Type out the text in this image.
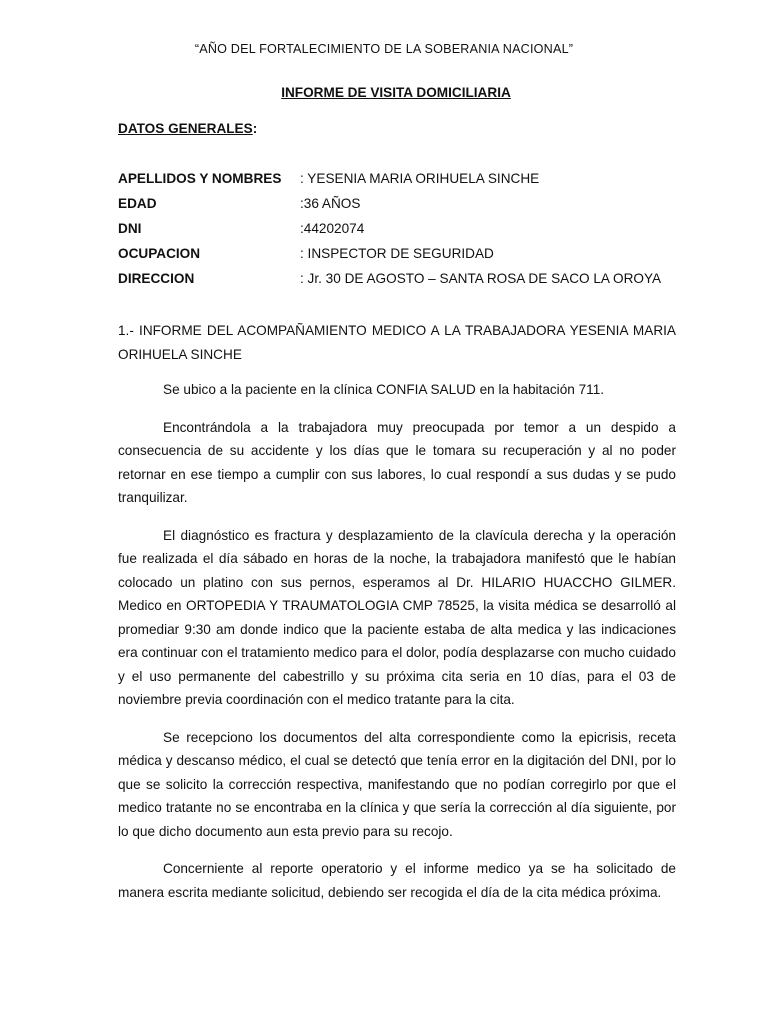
“AÑO DEL FORTALECIMIENTO DE LA SOBERANIA NACIONAL”
INFORME DE VISITA DOMICILIARIA
DATOS GENERALES:
APELLIDOS Y NOMBRES	: YESENIA MARIA ORIHUELA SINCHE
EDAD	:36 AÑOS
DNI	:44202074
OCUPACION	: INSPECTOR DE SEGURIDAD
DIRECCION	: Jr. 30 DE AGOSTO – SANTA ROSA DE SACO LA OROYA

1.- INFORME DEL ACOMPAÑAMIENTO MEDICO A LA TRABAJADORA YESENIA MARIA ORIHUELA SINCHE

Se ubico a la paciente en la clínica CONFIA SALUD en la habitación 711.

Encontrándola a la trabajadora muy preocupada por temor a un despido a consecuencia de su accidente y los días que le tomara su recuperación y al no poder retornar en ese tiempo a cumplir con sus labores, lo cual respondí a sus dudas y se pudo tranquilizar.

El diagnóstico es fractura y desplazamiento de la clavícula derecha y la operación fue realizada el día sábado en horas de la noche, la trabajadora manifestó que le habían colocado un platino con sus pernos, esperamos al Dr. HILARIO HUACCHO GILMER. Medico en ORTOPEDIA Y TRAUMATOLOGIA CMP 78525, la visita médica se desarrolló al promediar 9:30 am donde indico que la paciente estaba de alta medica y las indicaciones era continuar con el tratamiento medico para el dolor, podía desplazarse con mucho cuidado y el uso permanente del cabestrillo y su próxima cita seria en 10 días, para el 03 de noviembre previa coordinación con el medico tratante para la cita.

Se recepciono los documentos del alta correspondiente como la epicrisis, receta médica y descanso médico, el cual se detectó que tenía error en la digitación del DNI, por lo que se solicito la corrección respectiva, manifestando que no podían corregirlo por que el medico tratante no se encontraba en la clínica y que sería la corrección al día siguiente, por lo que dicho documento aun esta previo para su recojo.

Concerniente al reporte operatorio y el informe medico ya se ha solicitado de manera escrita mediante solicitud, debiendo ser recogida el día de la cita médica próxima.
